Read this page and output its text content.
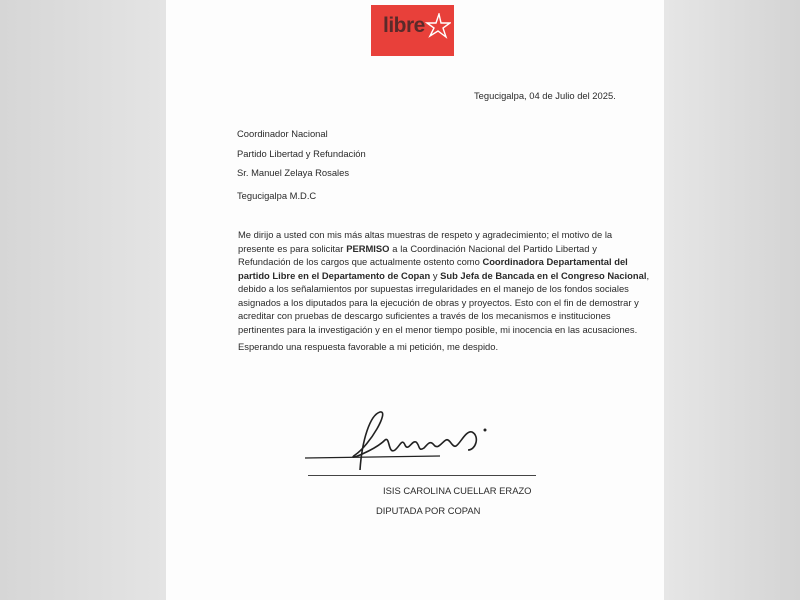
libre
Tegucigalpa, 04 de Julio del 2025.
Coordinador Nacional
Partido Libertad y Refundación
Sr. Manuel Zelaya Rosales
Tegucigalpa M.D.C
Me dirijo a usted con mis más altas muestras de respeto y agradecimiento; el motivo de la
presente es para solicitar PERMISO a la Coordinación Nacional del Partido Libertad y
Refundación de los cargos que actualmente ostento como Coordinadora Departamental del
partido Libre en el Departamento de Copan y Sub Jefa de Bancada en el Congreso Nacional,
debido a los señalamientos por supuestas irregularidades en el manejo de los fondos sociales
asignados a los diputados para la ejecución de obras y proyectos. Esto con el fin de demostrar y
acreditar con pruebas de descargo suficientes a través de los mecanismos e instituciones
pertinentes para la investigación y en el menor tiempo posible, mi inocencia en las acusaciones.
Esperando una respuesta favorable a mi petición, me despido.
ISIS CAROLINA CUELLAR ERAZO
DIPUTADA POR COPAN
